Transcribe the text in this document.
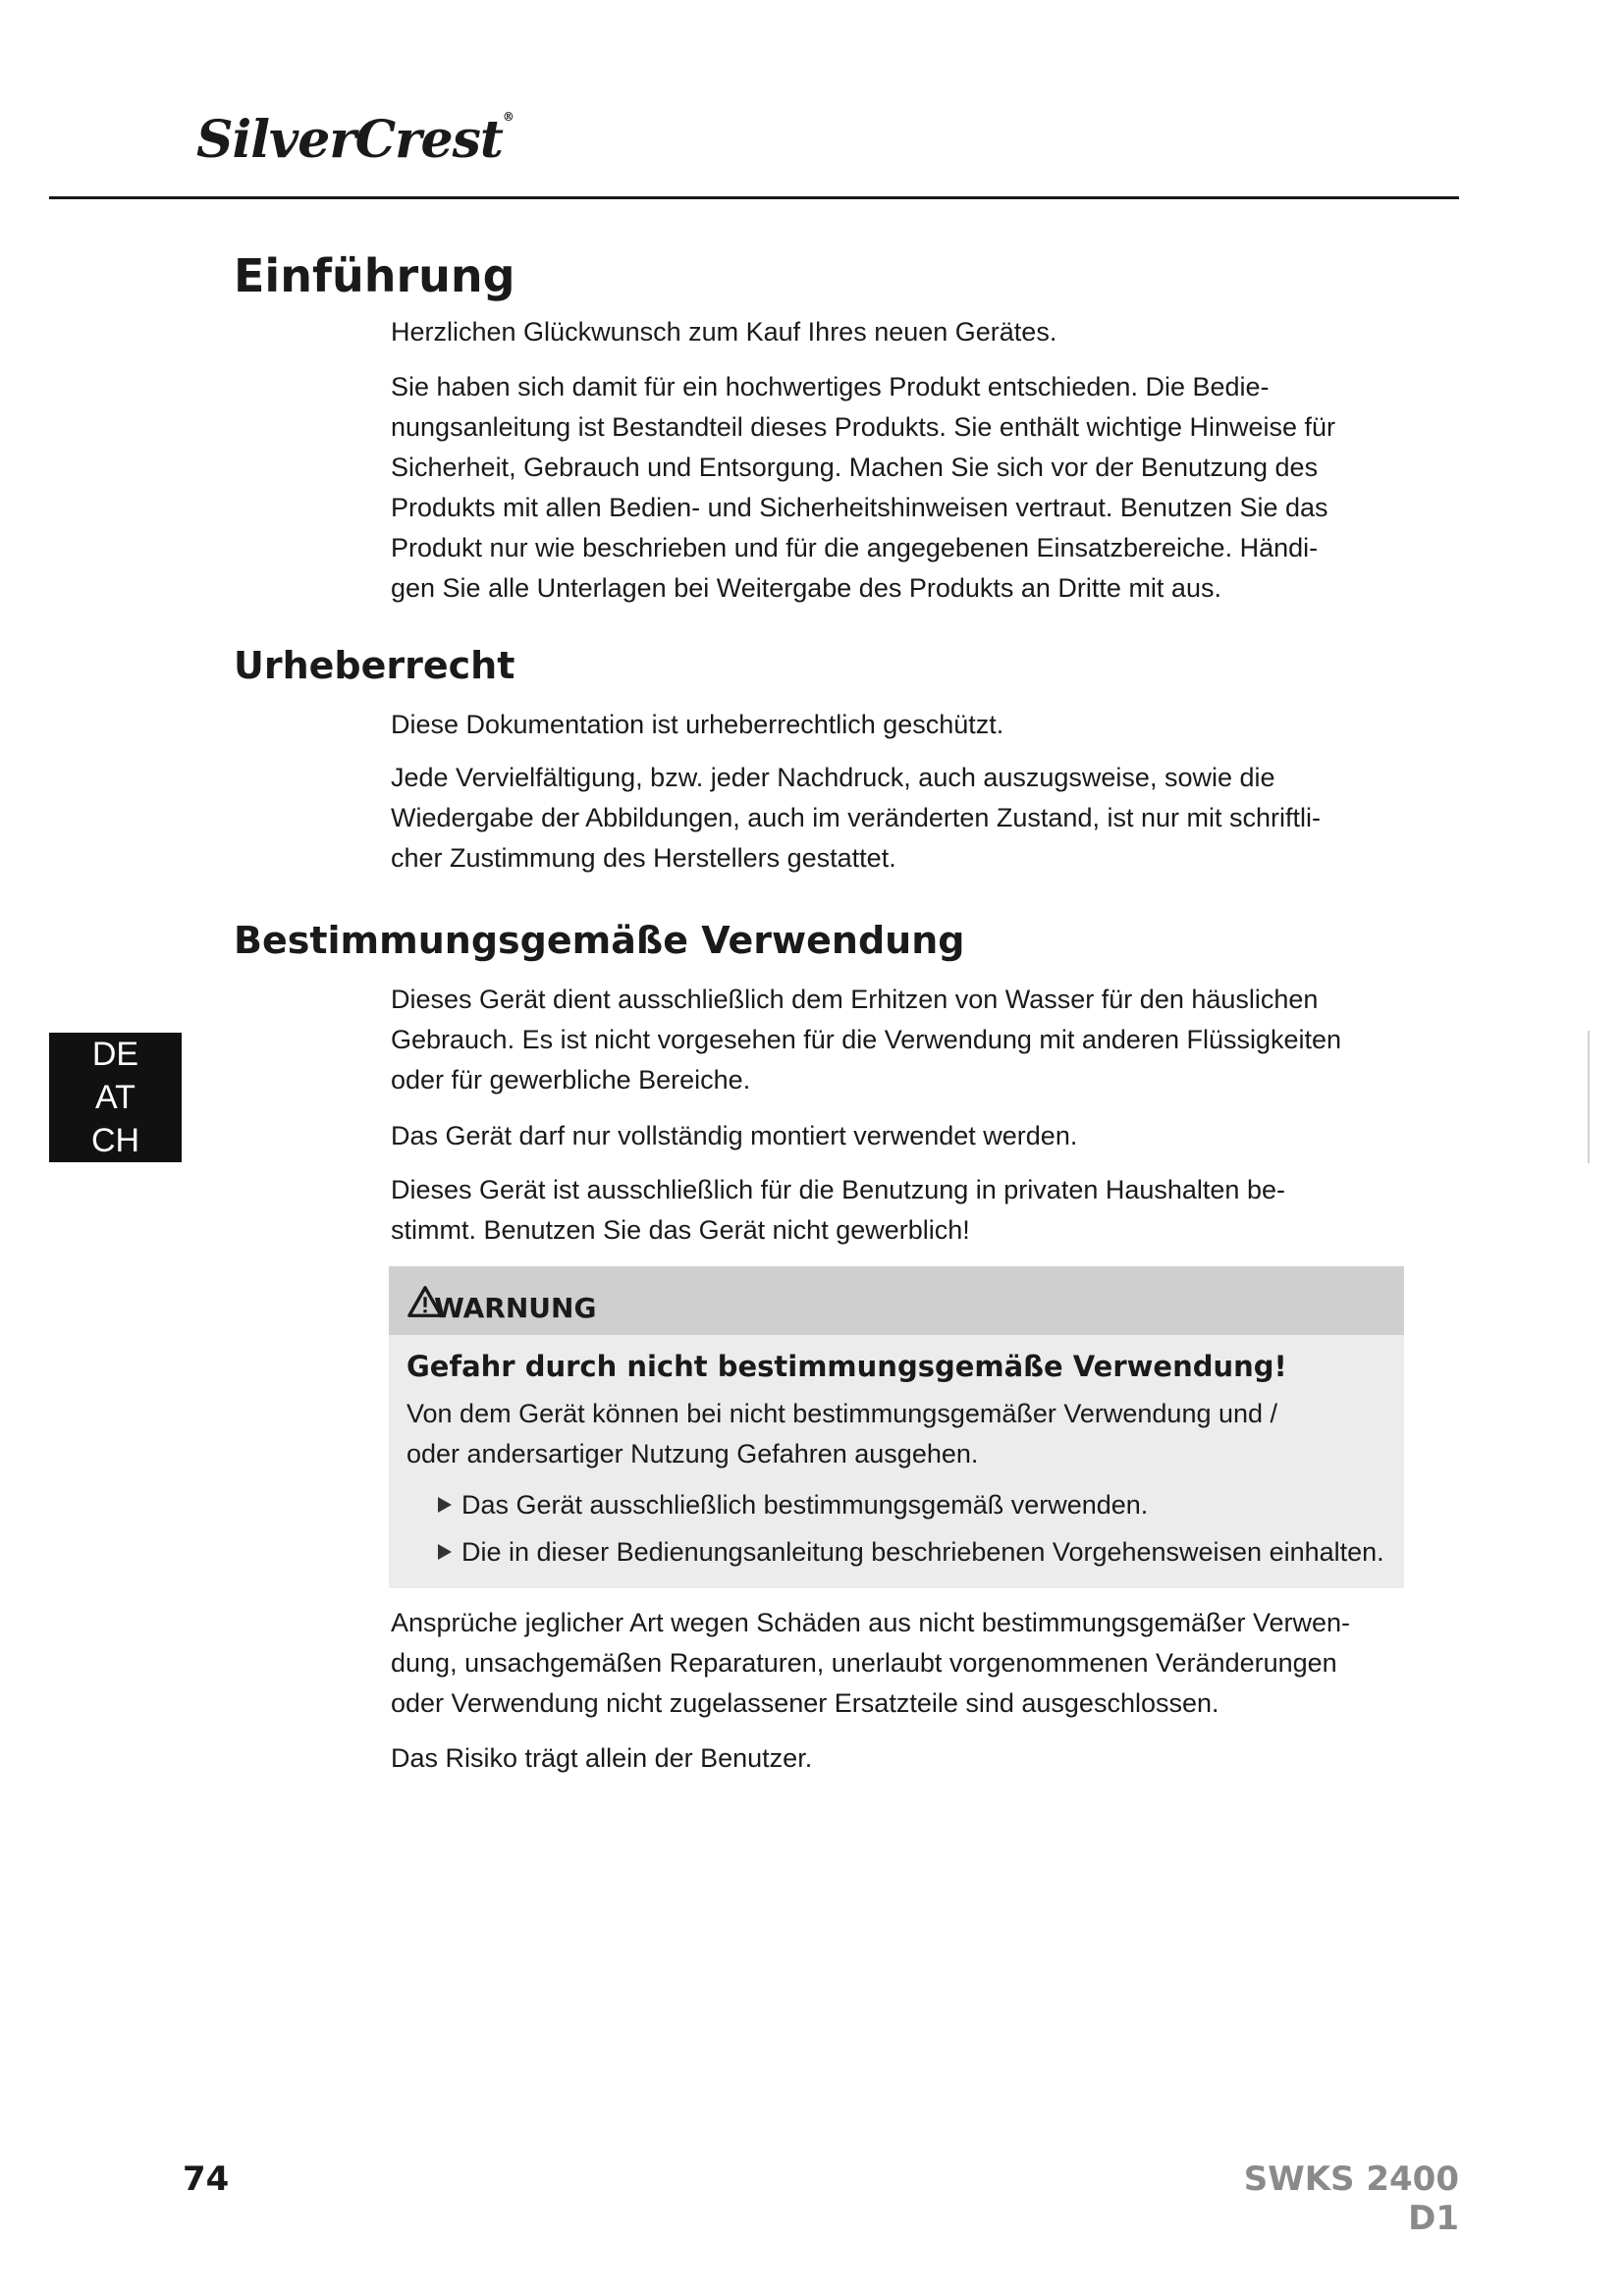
SilverCrest®
Einführung

Herzlichen Glückwunsch zum Kauf Ihres neuen Gerätes.

Sie haben sich damit für ein hochwertiges Produkt entschieden. Die Bedie-
nungsanleitung ist Bestandteil dieses Produkts. Sie enthält wichtige Hinweise für
Sicherheit, Gebrauch und Entsorgung. Machen Sie sich vor der Benutzung des
Produkts mit allen Bedien- und Sicherheitshinweisen vertraut. Benutzen Sie das
Produkt nur wie beschrieben und für die angegebenen Einsatzbereiche. Händi-
gen Sie alle Unterlagen bei Weitergabe des Produkts an Dritte mit aus.

Urheberrecht

Diese Dokumentation ist urheberrechtlich geschützt.

Jede Vervielfältigung, bzw. jeder Nachdruck, auch auszugsweise, sowie die
Wiedergabe der Abbildungen, auch im veränderten Zustand, ist nur mit schriftli-
cher Zustimmung des Herstellers gestattet.

Bestimmungsgemäße Verwendung

Dieses Gerät dient ausschließlich dem Erhitzen von Wasser für den häuslichen
Gebrauch. Es ist nicht vorgesehen für die Verwendung mit anderen Flüssigkeiten
oder für gewerbliche Bereiche.

Das Gerät darf nur vollständig montiert verwendet werden.

Dieses Gerät ist ausschließlich für die Benutzung in privaten Haushalten be-
stimmt. Benutzen Sie das Gerät nicht gewerblich!

DE
AT
CH

WARNUNG

Gefahr durch nicht bestimmungsgemäße Verwendung!

Von dem Gerät können bei nicht bestimmungsgemäßer Verwendung und /
oder andersartiger Nutzung Gefahren ausgehen.

Das Gerät ausschließlich bestimmungsgemäß verwenden.

Die in dieser Bedienungsanleitung beschriebenen Vorgehensweisen einhalten.

Ansprüche jeglicher Art wegen Schäden aus nicht bestimmungsgemäßer Verwen-
dung, unsachgemäßen Reparaturen, unerlaubt vorgenommenen Veränderungen
oder Verwendung nicht zugelassener Ersatzteile sind ausgeschlossen.

Das Risiko trägt allein der Benutzer.

74	SWKS 2400 D1
